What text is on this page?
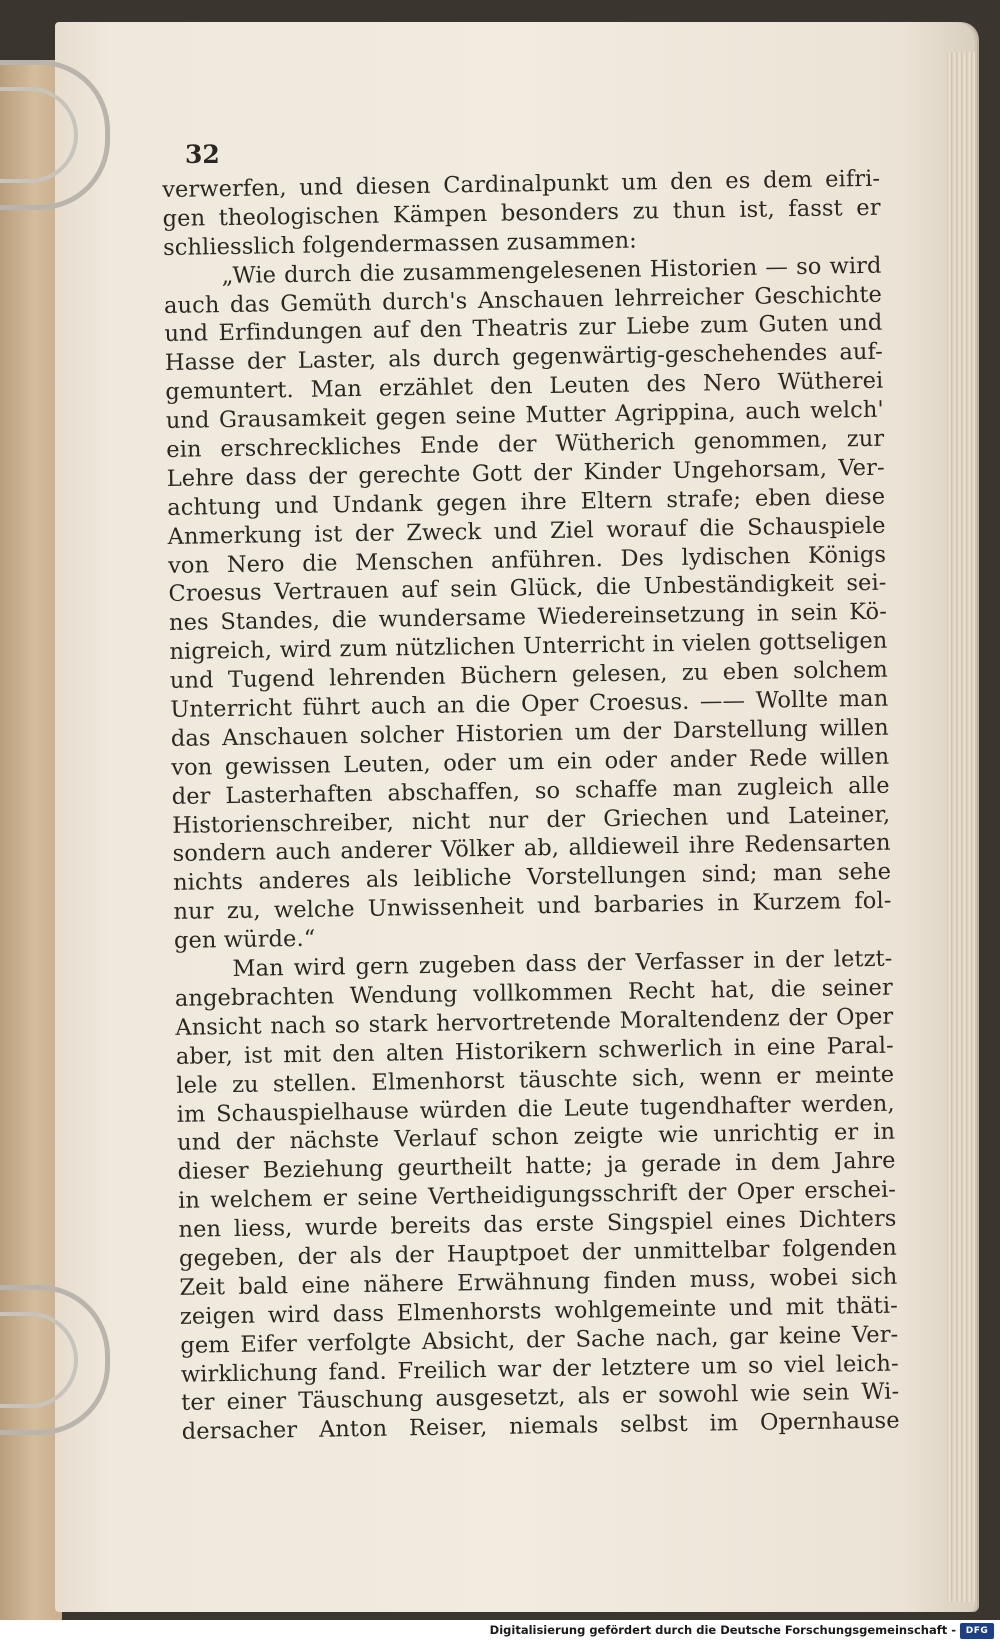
32
verwerfen, und diesen Cardinalpunkt um den es dem eifri-
gen theologischen Kämpen besonders zu thun ist, fasst er
schliesslich folgendermassen zusammen:
„Wie durch die zusammengelesenen Historien — so wird
auch das Gemüth durch's Anschauen lehrreicher Geschichte
und Erfindungen auf den Theatris zur Liebe zum Guten und
Hasse der Laster, als durch gegenwärtig-geschehendes auf-
gemuntert. Man erzählet den Leuten des Nero Wütherei
und Grausamkeit gegen seine Mutter Agrippina, auch welch'
ein erschreckliches Ende der Wütherich genommen, zur
Lehre dass der gerechte Gott der Kinder Ungehorsam, Ver-
achtung und Undank gegen ihre Eltern strafe; eben diese
Anmerkung ist der Zweck und Ziel worauf die Schauspiele
von Nero die Menschen anführen. Des lydischen Königs
Croesus Vertrauen auf sein Glück, die Unbeständigkeit sei-
nes Standes, die wundersame Wiedereinsetzung in sein Kö-
nigreich, wird zum nützlichen Unterricht in vielen gottseligen
und Tugend lehrenden Büchern gelesen, zu eben solchem
Unterricht führt auch an die Oper Croesus. —— Wollte man
das Anschauen solcher Historien um der Darstellung willen
von gewissen Leuten, oder um ein oder ander Rede willen
der Lasterhaften abschaffen, so schaffe man zugleich alle
Historienschreiber, nicht nur der Griechen und Lateiner,
sondern auch anderer Völker ab, alldieweil ihre Redensarten
nichts anderes als leibliche Vorstellungen sind; man sehe
nur zu, welche Unwissenheit und barbaries in Kurzem fol-
gen würde.“
Man wird gern zugeben dass der Verfasser in der letzt-
angebrachten Wendung vollkommen Recht hat, die seiner
Ansicht nach so stark hervortretende Moraltendenz der Oper
aber, ist mit den alten Historikern schwerlich in eine Paral-
lele zu stellen. Elmenhorst täuschte sich, wenn er meinte
im Schauspielhause würden die Leute tugendhafter werden,
und der nächste Verlauf schon zeigte wie unrichtig er in
dieser Beziehung geurtheilt hatte; ja gerade in dem Jahre
in welchem er seine Vertheidigungsschrift der Oper erschei-
nen liess, wurde bereits das erste Singspiel eines Dichters
gegeben, der als der Hauptpoet der unmittelbar folgenden
Zeit bald eine nähere Erwähnung finden muss, wobei sich
zeigen wird dass Elmenhorsts wohlgemeinte und mit thäti-
gem Eifer verfolgte Absicht, der Sache nach, gar keine Ver-
wirklichung fand. Freilich war der letztere um so viel leich-
ter einer Täuschung ausgesetzt, als er sowohl wie sein Wi-
dersacher Anton Reiser, niemals selbst im Opernhause
Digitalisierung gefördert durch die Deutsche Forschungsgemeinschaft -	DFG
